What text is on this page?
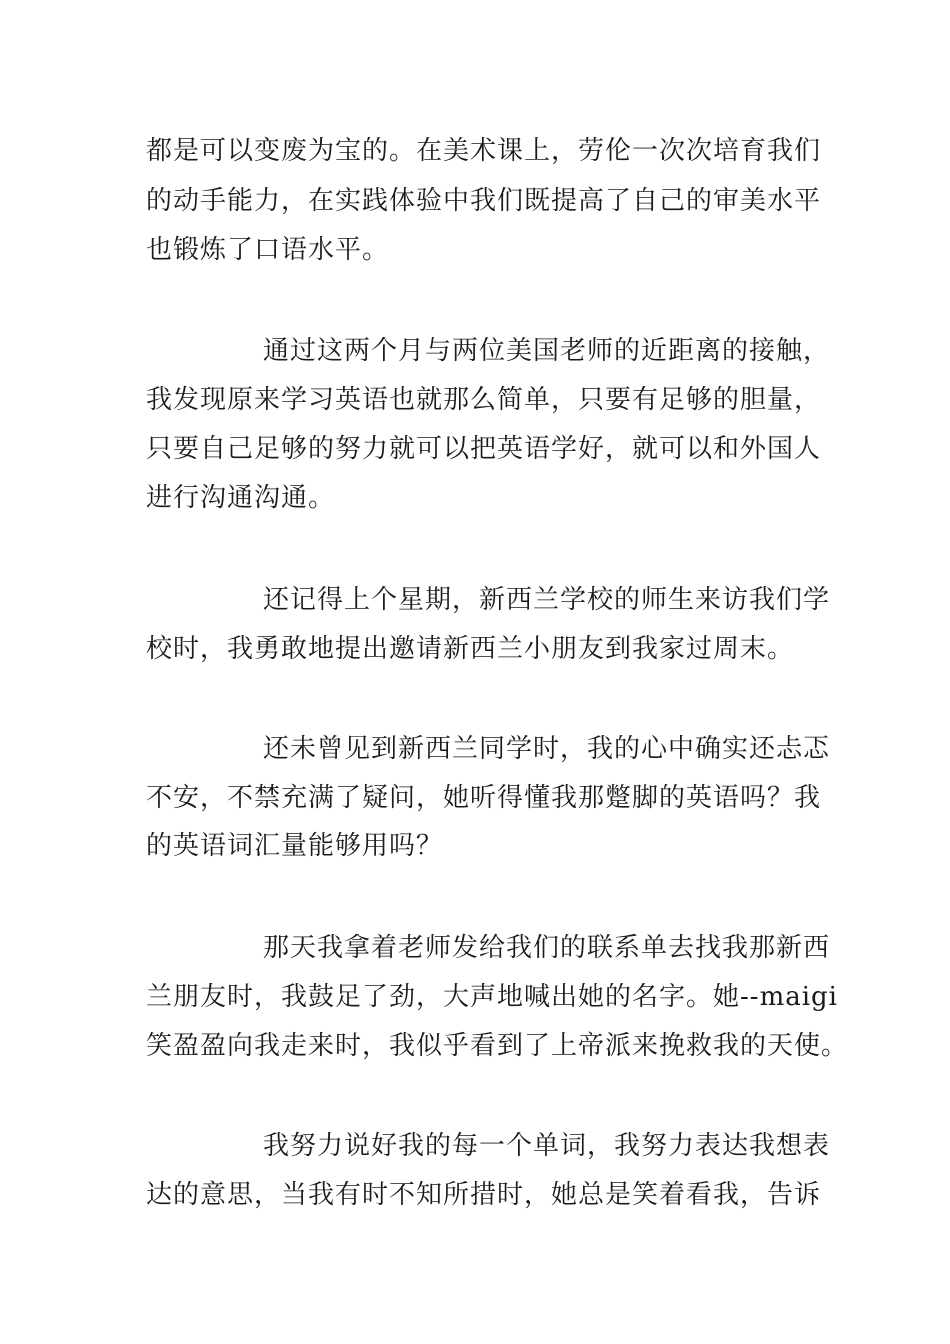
都是可以变废为宝的。在美术课上，劳伦一次次培育我们
的动手能力，在实践体验中我们既提高了自己的审美水平
也锻炼了口语水平。
通过这两个月与两位美国老师的近距离的接触，
我发现原来学习英语也就那么简单，只要有足够的胆量，
只要自己足够的努力就可以把英语学好，就可以和外国人
进行沟通沟通。
还记得上个星期，新西兰学校的师生来访我们学
校时，我勇敢地提出邀请新西兰小朋友到我家过周末。
还未曾见到新西兰同学时，我的心中确实还忐忑
不安，不禁充满了疑问，她听得懂我那蹩脚的英语吗？我
的英语词汇量能够用吗？
那天我拿着老师发给我们的联系单去找我那新西
兰朋友时，我鼓足了劲，大声地喊出她的名字。她--maigi
笑盈盈向我走来时，我似乎看到了上帝派来挽救我的天使。
我努力说好我的每一个单词，我努力表达我想表
达的意思，当我有时不知所措时，她总是笑着看我，告诉
